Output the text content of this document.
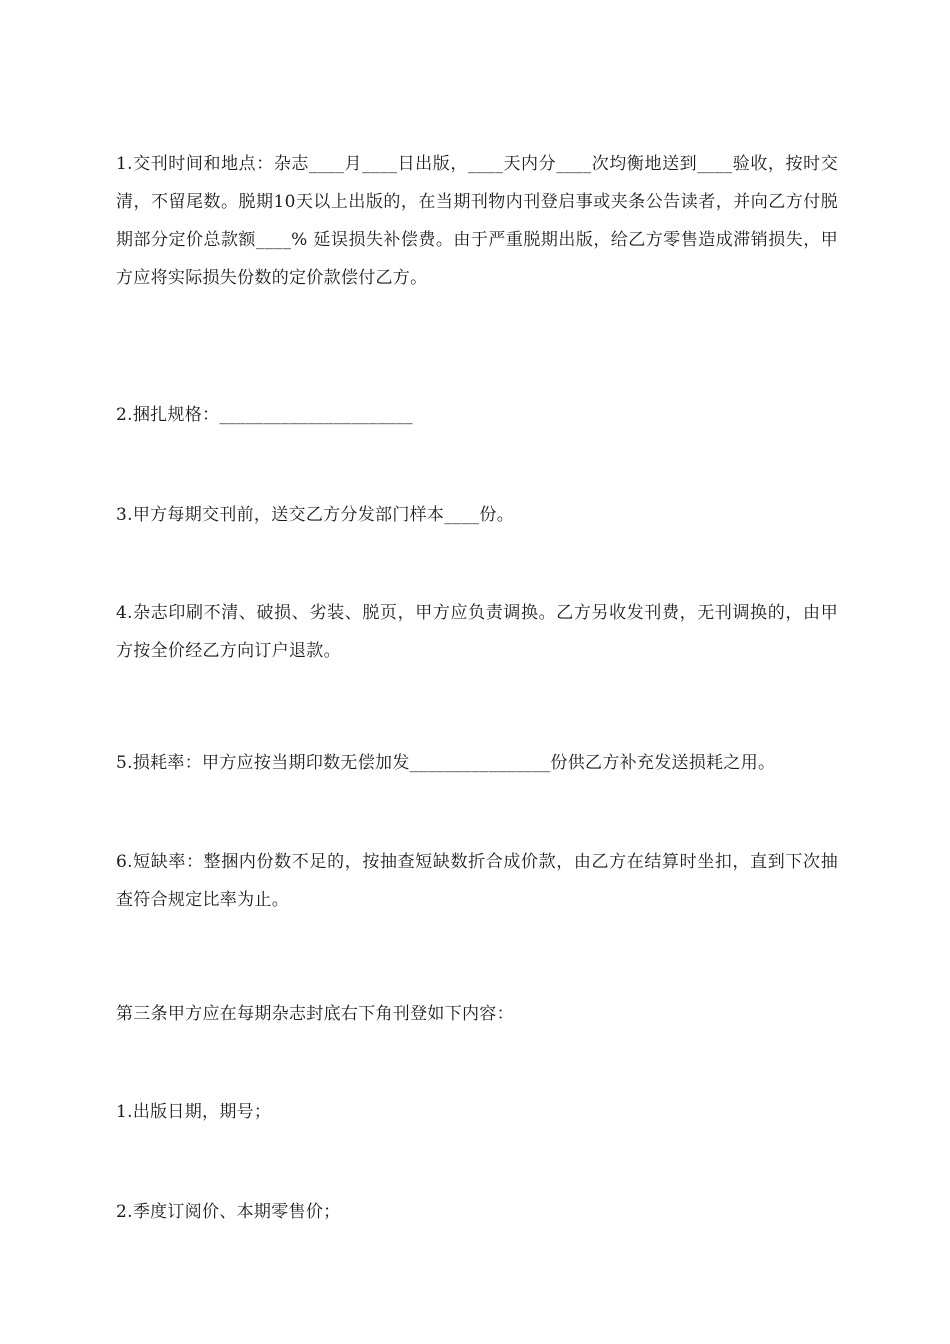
1.交刊时间和地点：杂志____月____日出版，____天内分____次均衡地送到____验收，按时交清，不留尾数。脱期10天以上出版的，在当期刊物内刊登启事或夹条公告读者，并向乙方付脱期部分定价总款额____% 延误损失补偿费。由于严重脱期出版，给乙方零售造成滞销损失，甲方应将实际损失份数的定价款偿付乙方。

2.捆扎规格：______________________

3.甲方每期交刊前，送交乙方分发部门样本____份。

4.杂志印刷不清、破损、劣装、脱页，甲方应负责调换。乙方另收发刊费，无刊调换的，由甲方按全价经乙方向订户退款。

5.损耗率：甲方应按当期印数无偿加发________________份供乙方补充发送损耗之用。

6.短缺率：整捆内份数不足的，按抽查短缺数折合成价款，由乙方在结算时坐扣，直到下次抽查符合规定比率为止。

第三条甲方应在每期杂志封底右下角刊登如下内容：

1.出版日期，期号；

2.季度订阅价、本期零售价；
